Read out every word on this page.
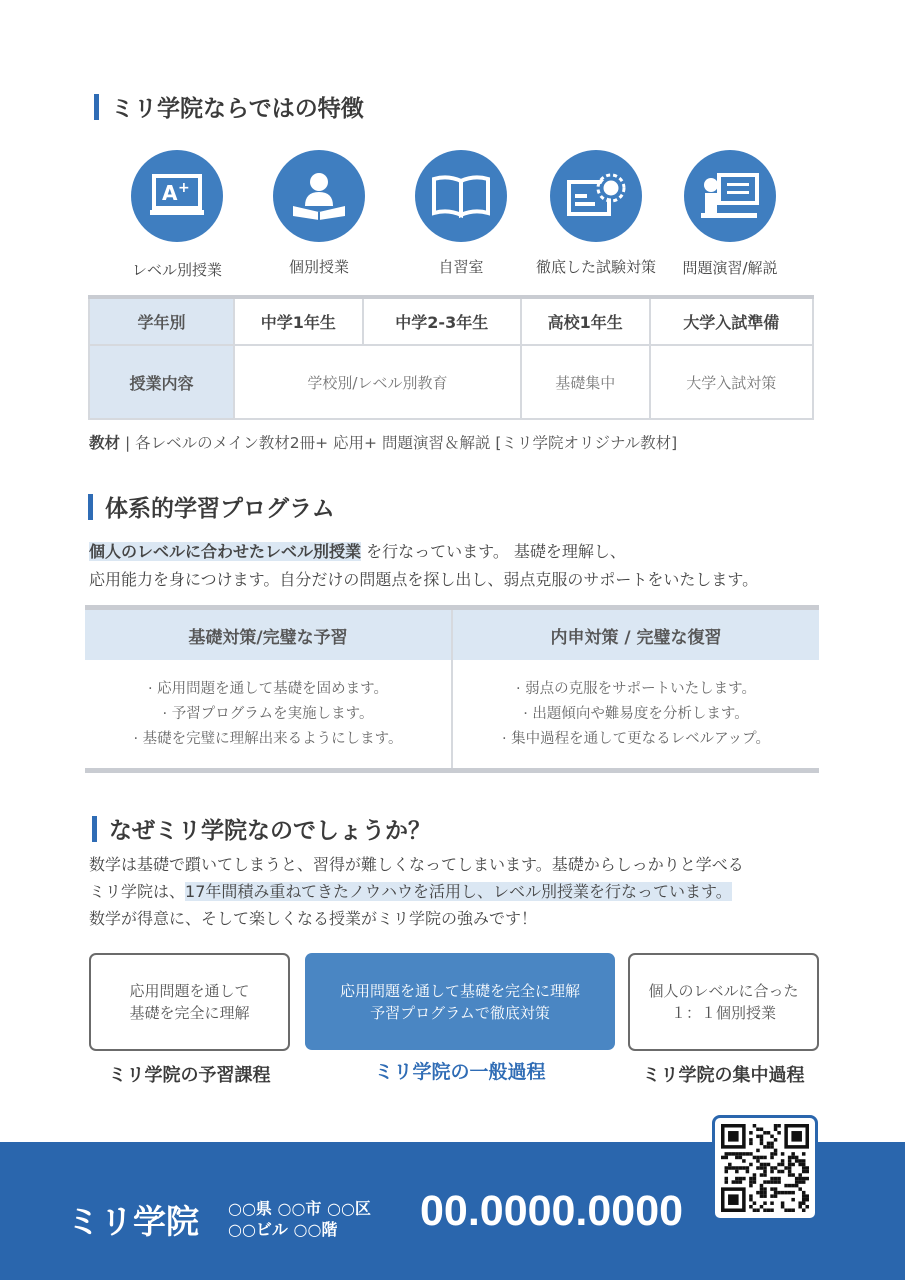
ミリ学院ならではの特徴
A +
レベル別授業	個別授業	自習室	徹底した試験対策	問題演習/解説
学年別	中学1年生	中学2-3年生	高校1年生	大学入試準備
授業内容	学校別/レベル別教育		基礎集中	大学入試対策
教材 | 各レベルのメイン教材2冊+ 応用+ 問題演習＆解説 [ミリ学院オリジナル教材]
体系的学習プログラム
個人のレベルに合わせたレベル別授業 を行なっています。 基礎を理解し、
応用能力を身につけます。自分だけの問題点を探し出し、弱点克服のサポートをいたします。
基礎対策/完璧な予習
· 応用問題を通して基礎を固めます。
· 予習プログラムを実施します。
· 基礎を完璧に理解出来るようにします。
内申対策 / 完璧な復習
· 弱点の克服をサポートいたします。
· 出題傾向や難易度を分析します。
· 集中過程を通して更なるレベルアップ。
なぜミリ学院なのでしょうか？
数学は基礎で躓いてしまうと、習得が難しくなってしまいます。基礎からしっかりと学べる
ミリ学院は、17年間積み重ねてきたノウハウを活用し、レベル別授業を行なっています。
数学が得意に、そして楽しくなる授業がミリ学院の強みです！
応用問題を通して
基礎を完全に理解
応用問題を通して基礎を完全に理解
予習プログラムで徹底対策
個人のレベルに合った
１：１個別授業
ミリ学院の予習課程	ミリ学院の一般過程	ミリ学院の集中過程
ミリ学院 ○○県 ○○市 ○○区
○○ビル ○○階	00.0000.0000
